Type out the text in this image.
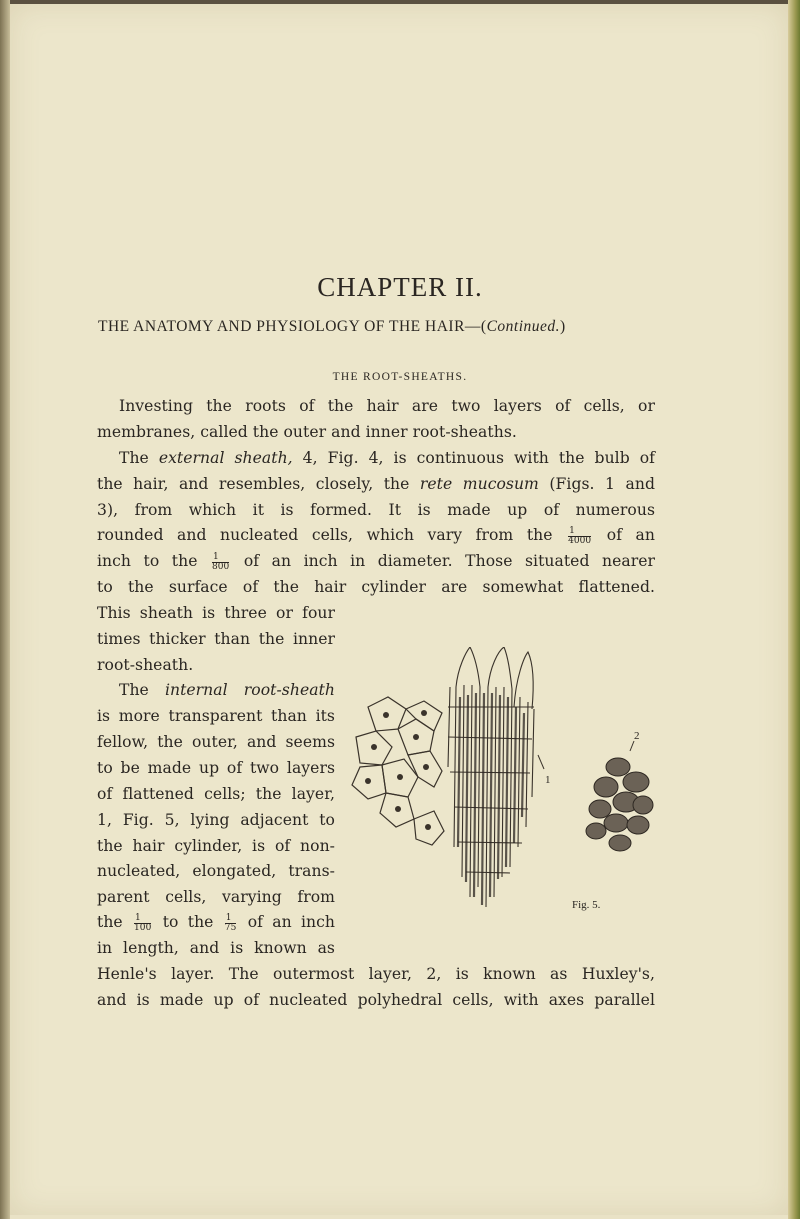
CHAPTER II.
THE ANATOMY AND PHYSIOLOGY OF THE HAIR—(Continued.)
THE ROOT-SHEATHS.
Investing the roots of the hair are two layers of cells, or
membranes, called the outer and inner root-sheaths.
The external sheath, 4, Fig. 4, is continuous with the bulb of
the hair, and resembles, closely, the rete mucosum (Figs. 1 and
3), from which it is formed. It is made up of numerous
rounded and nucleated cells, which vary from the $\frac{1}{4000}$ of an
inch to the $\frac{1}{800}$ of an inch in diameter. Those situated nearer
to the surface of the hair cylinder are somewhat flattened.
This sheath is three or four
times thicker than the inner
root-sheath.
The internal root-sheath
is more transparent than its
fellow, the outer, and seems
to be made up of two layers
of flattened cells; the layer,
1, Fig. 5, lying adjacent to
the hair cylinder, is of non-
nucleated, elongated, trans-
parent cells, varying from
the $\frac{1}{100}$ to the $\frac{1}{75}$ of an inch
in length, and is known as
Henle's layer. The outermost layer, 2, is known as Huxley's,
and is made up of nucleated polyhedral cells, with axes parallel
1
2
Fig. 5.
